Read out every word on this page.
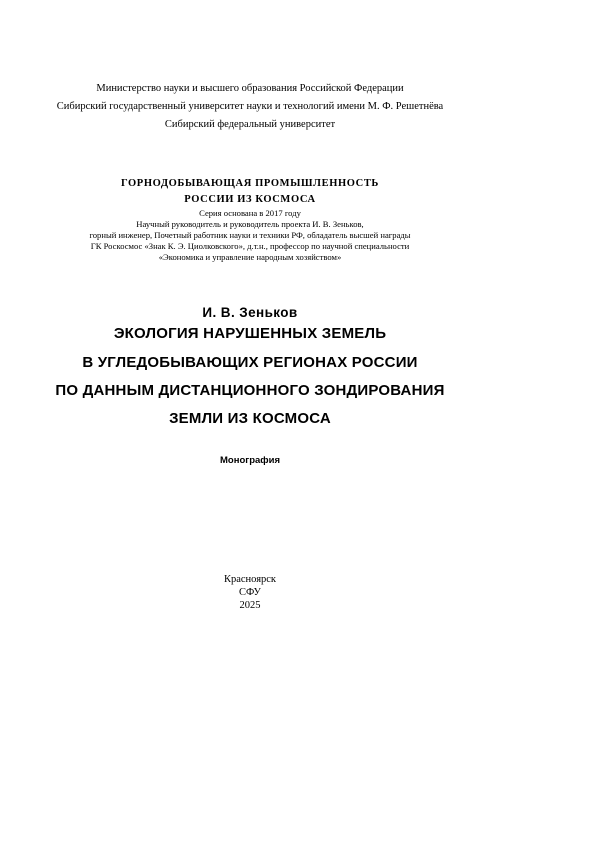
Министерство науки и высшего образования Российской Федерации
Сибирский государственный университет науки и технологий имени М. Ф. Решетнёва
Сибирский федеральный университет
ГОРНОДОБЫВАЮЩАЯ ПРОМЫШЛЕННОСТЬ
РОССИИ ИЗ КОСМОСА
Серия основана в 2017 году
Научный руководитель и руководитель проекта И. В. Зеньков,
горный инженер, Почетный работник науки и техники РФ, обладатель высшей награды
ГК Роскосмос «Знак К. Э. Циолковского», д.т.н., профессор по научной специальности
«Экономика и управление народным хозяйством»
И. В. Зеньков
ЭКОЛОГИЯ НАРУШЕННЫХ ЗЕМЕЛЬ
В УГЛЕДОБЫВАЮЩИХ РЕГИОНАХ РОССИИ
ПО ДАННЫМ ДИСТАНЦИОННОГО ЗОНДИРОВАНИЯ
ЗЕМЛИ ИЗ КОСМОСА
Монография
Красноярск
СФУ
2025
